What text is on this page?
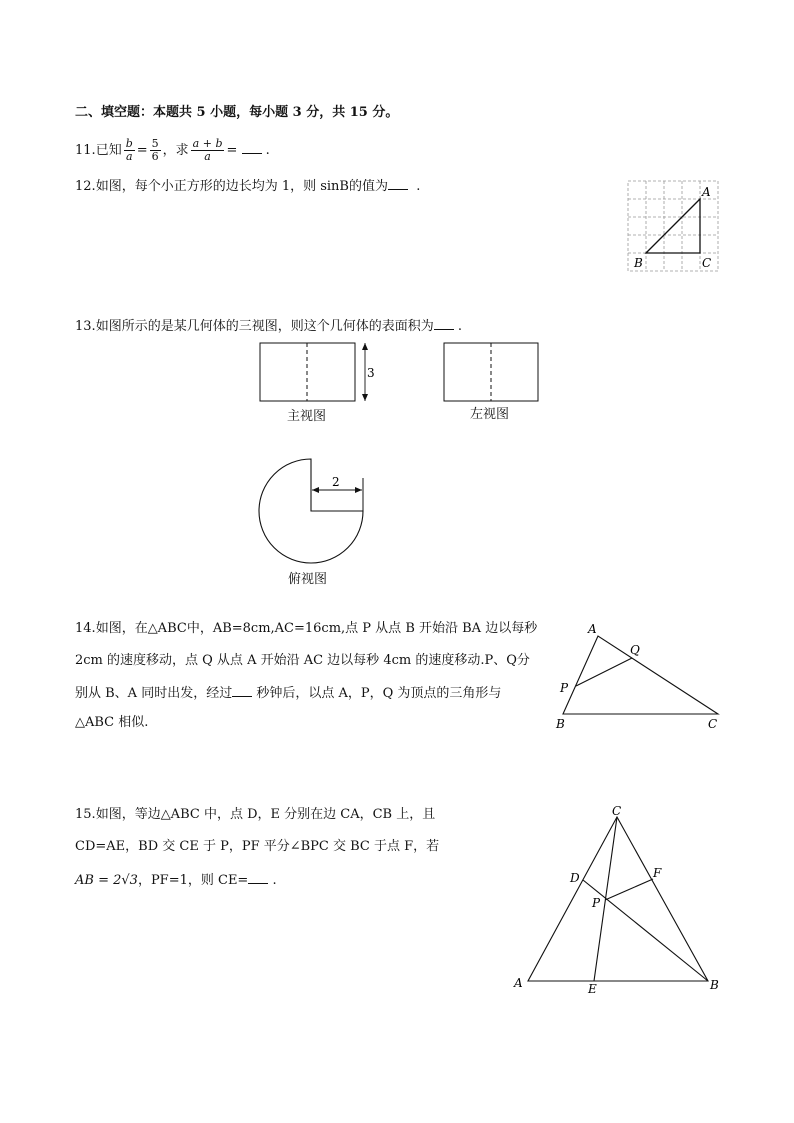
二、填空题：本题共 5 小题，每小题 3 分，共 15 分。
11.已知 $\frac{b}{a} = \frac{5}{6}$ ，求 $\frac{a + b}{a}$ = .
12.如图，每个小正方形的边长均为 1，则 sinB的值为 .	A
B	C
13.如图所示的是某几何体的三视图，则这个几何体的表面积为 .
3
主视图	左视图
2
俯视图
14.如图，在△ABC中，AB=8cm,AC=16cm,点 P 从点 B 开始沿 BA 边以每秒
2cm 的速度移动，点 Q 从点 A 开始沿 AC 边以每秒 4cm 的速度移动.P、Q分
别从 B、A 同时出发，经过 秒钟后，以点 A，P，Q 为顶点的三角形与
△ABC 相似.
A
B	C
P
Q
15.如图，等边△ABC 中，点 D，E 分别在边 CA，CB 上，且
CD=AE，BD 交 CE 于 P，PF 平分∠BPC 交 BC 于点 F，若
AB = 2√3，PF=1，则 CE= .
C
A	B
D
E
F
P
